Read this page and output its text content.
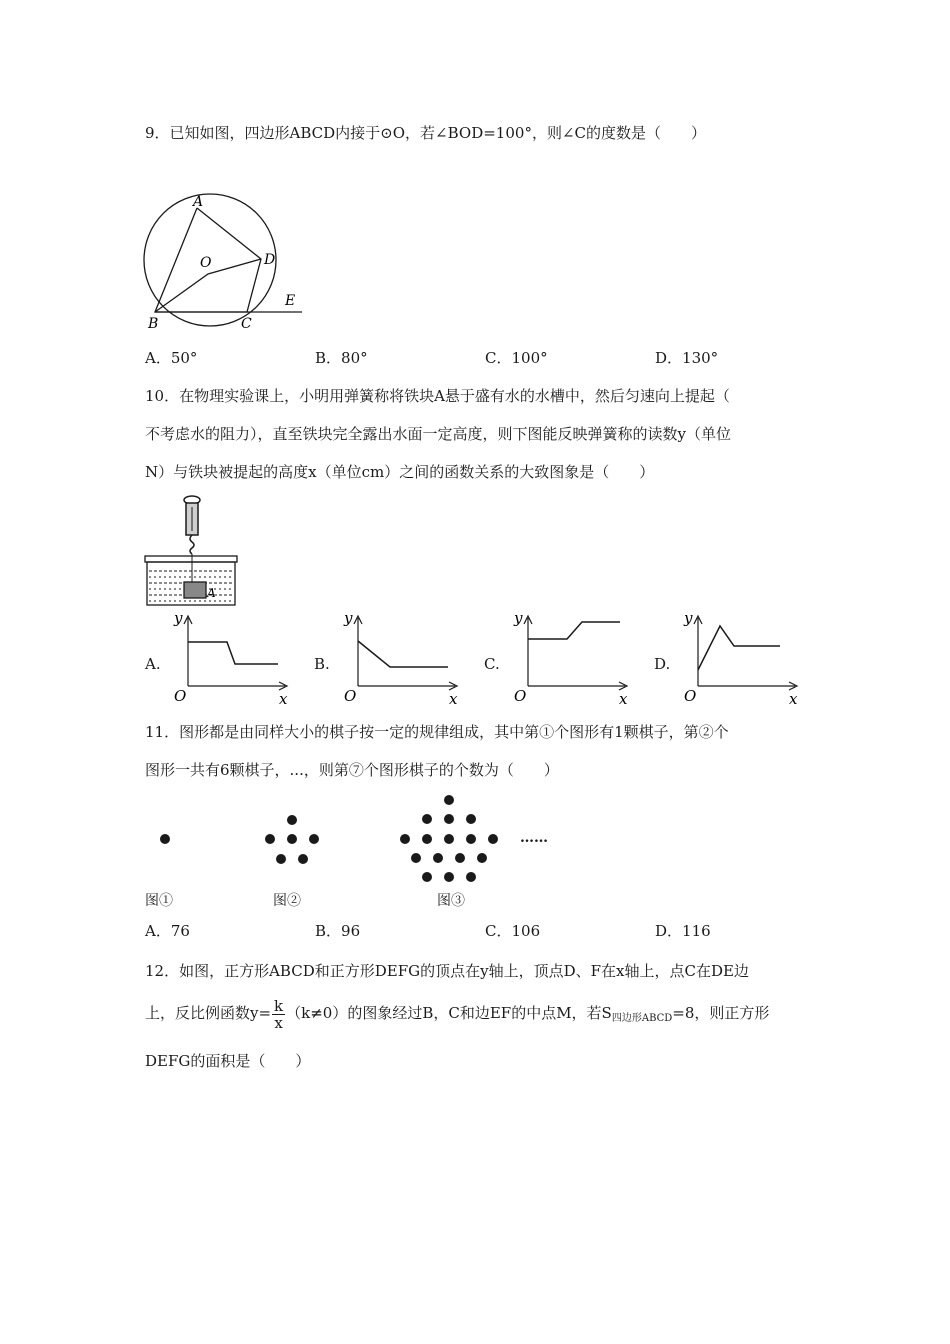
9．已知如图，四边形ABCD内接于⊙O，若∠BOD=100°，则∠C的度数是（　　）

A
O	D
E
B	C
A．50°	B．80°	C．100°	D．130°

10．在物理实验课上，小明用弹簧称将铁块A悬于盛有水的水槽中，然后匀速向上提起（

不考虑水的阻力），直至铁块完全露出水面一定高度，则下图能反映弹簧称的读数y（单位

N）与铁块被提起的高度x（单位cm）之间的函数关系的大致图象是（　　）

A
A.
y
O	x
B.
y
O	x
C.
y
O	x
D.
y
O	x

11．图形都是由同样大小的棋子按一定的规律组成，其中第①个图形有1颗棋子，第②个

图形一共有6颗棋子，...，则第⑦个图形棋子的个数为（　　）

……
图①	图②	图③
A．76	B．96	C．106	D．116

12．如图，正方形ABCD和正方形DEFG的顶点在y轴上，顶点D、F在x轴上，点C在DE边

上，反比例函数$y= \frac{k}{x} (k\ne 0)$的图象经过B，C和边EF的中点M，若$S_{四边形ABCD}=8$，则正方形

DEFG的面积是（　　）
